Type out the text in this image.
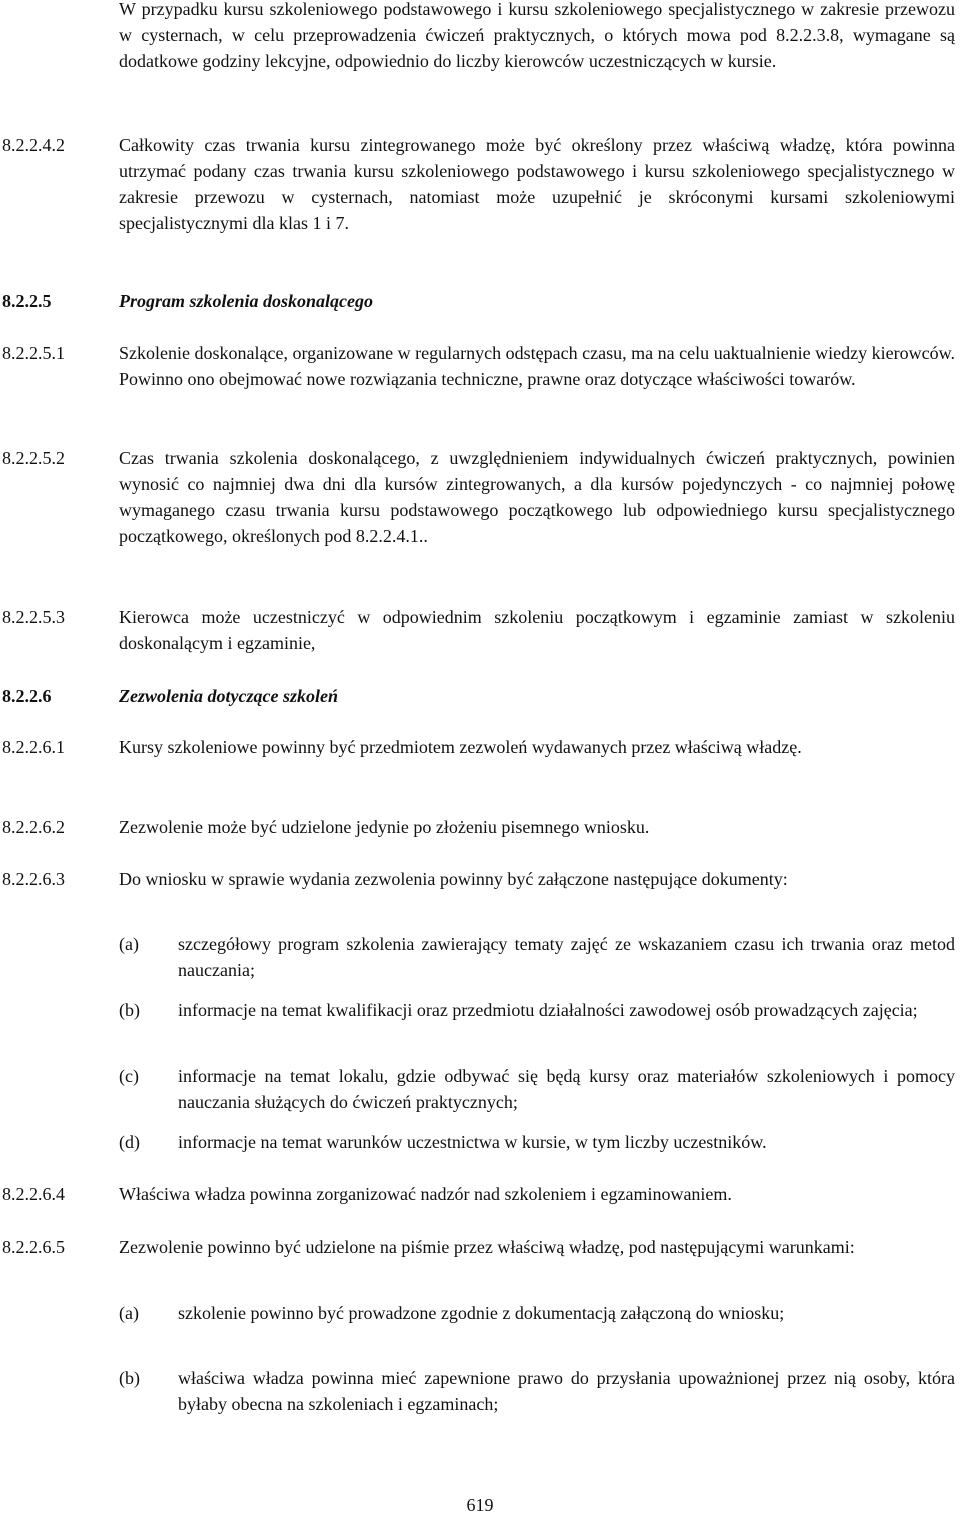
W przypadku kursu szkoleniowego podstawowego i kursu szkoleniowego specjalistycznego w zakresie przewozu w cysternach, w celu przeprowadzenia ćwiczeń praktycznych, o których mowa pod 8.2.2.3.8, wymagane są dodatkowe godziny lekcyjne, odpowiednio do liczby kierowców uczestniczących w kursie.
8.2.2.4.2	Całkowity czas trwania kursu zintegrowanego może być określony przez właściwą władzę, która powinna utrzymać podany czas trwania kursu szkoleniowego podstawowego i kursu szkoleniowego specjalistycznego w zakresie przewozu w cysternach, natomiast może uzupełnić je skróconymi kursami szkoleniowymi specjalistycznymi dla klas 1 i 7.
8.2.2.5	Program szkolenia doskonalącego
8.2.2.5.1	Szkolenie doskonalące, organizowane w regularnych odstępach czasu, ma na celu uaktualnienie wiedzy kierowców. Powinno ono obejmować nowe rozwiązania techniczne, prawne oraz dotyczące właściwości towarów.
8.2.2.5.2	Czas trwania szkolenia doskonalącego, z uwzględnieniem indywidualnych ćwiczeń praktycznych, powinien wynosić co najmniej dwa dni dla kursów zintegrowanych, a dla kursów pojedynczych - co najmniej połowę wymaganego czasu trwania kursu podstawowego początkowego lub odpowiedniego kursu specjalistycznego początkowego, określonych pod 8.2.2.4.1..
8.2.2.5.3	Kierowca może uczestniczyć w odpowiednim szkoleniu początkowym i egzaminie zamiast w szkoleniu doskonalącym i egzaminie,
8.2.2.6	Zezwolenia dotyczące szkoleń
8.2.2.6.1	Kursy szkoleniowe powinny być przedmiotem zezwoleń wydawanych przez właściwą władzę.
8.2.2.6.2	Zezwolenie może być udzielone jedynie po złożeniu pisemnego wniosku.
8.2.2.6.3	Do wniosku w sprawie wydania zezwolenia powinny być załączone następujące dokumenty:
(a) szczegółowy program szkolenia zawierający tematy zajęć ze wskazaniem czasu ich trwania oraz metod nauczania;
(b) informacje na temat kwalifikacji oraz przedmiotu działalności zawodowej osób prowadzących zajęcia;
(c) informacje na temat lokalu, gdzie odbywać się będą kursy oraz materiałów szkoleniowych i pomocy nauczania służących do ćwiczeń praktycznych;
(d) informacje na temat warunków uczestnictwa w kursie, w tym liczby uczestników.
8.2.2.6.4	Właściwa władza powinna zorganizować nadzór nad szkoleniem i egzaminowaniem.
8.2.2.6.5	Zezwolenie powinno być udzielone na piśmie przez właściwą władzę, pod następującymi warunkami:
(a) szkolenie powinno być prowadzone zgodnie z dokumentacją załączoną do wniosku;
(b) właściwa władza powinna mieć zapewnione prawo do przysłania upoważnionej przez nią osoby, która byłaby obecna na szkoleniach i egzaminach;
619
